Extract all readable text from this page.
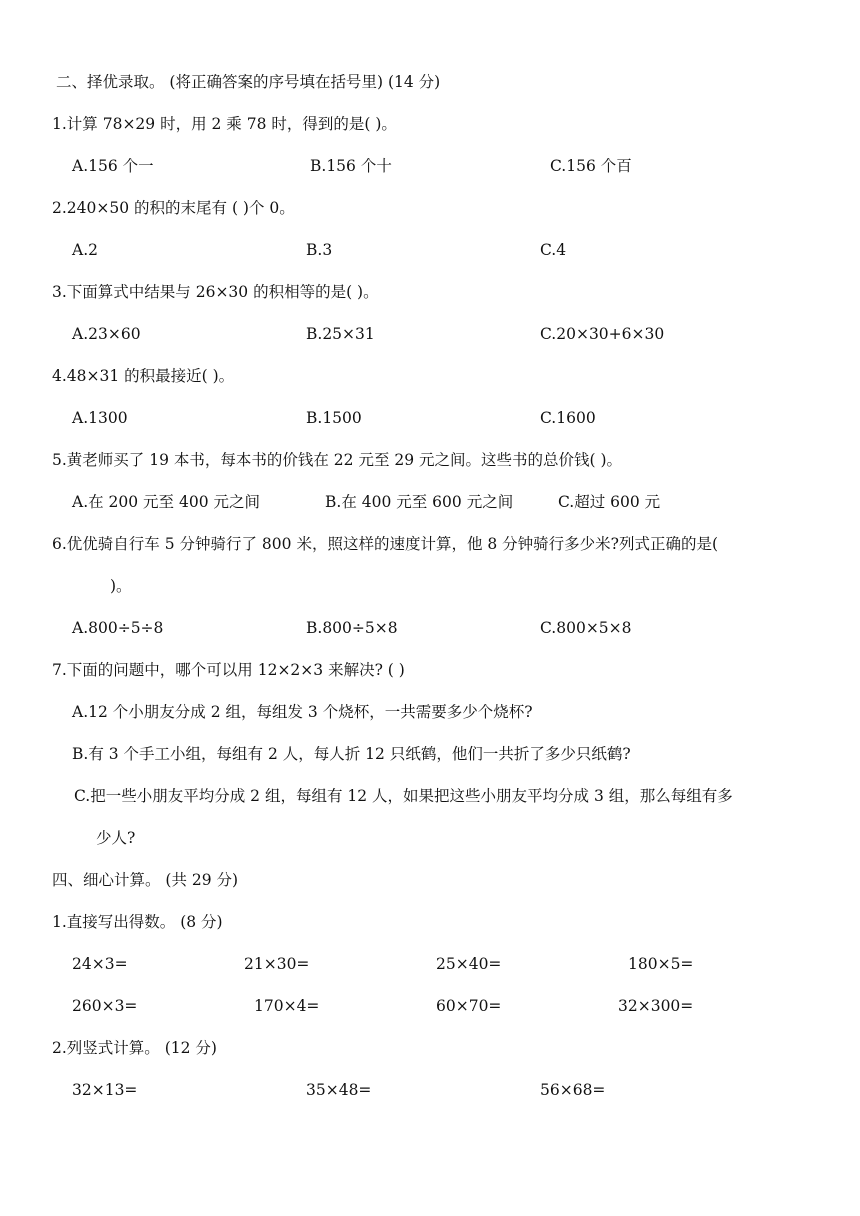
二、择优录取。 (将正确答案的序号填在括号里) (14 分)
1.计算 78×29 时，用 2 乘 78 时，得到的是( )。
A.156 个一	B.156 个十	C.156 个百
2.240×50 的积的末尾有 ( )个 0。
A.2	B.3	C.4
3.下面算式中结果与 26×30 的积相等的是( )。
A.23×60	B.25×31	C.20×30+6×30
4.48×31 的积最接近( )。
A.1300	B.1500	C.1600
5.黄老师买了 19 本书，每本书的价钱在 22 元至 29 元之间。这些书的总价钱( )。
A.在 200 元至 400 元之间	B.在 400 元至 600 元之间	C.超过 600 元
6.优优骑自行车 5 分钟骑行了 800 米，照这样的速度计算，他 8 分钟骑行多少米?列式正确的是(
)。
A.800÷5÷8	B.800÷5×8	C.800×5×8
7.下面的问题中，哪个可以用 12×2×3 来解决? ( )
A.12 个小朋友分成 2 组，每组发 3 个烧杯，一共需要多少个烧杯?
B.有 3 个手工小组，每组有 2 人，每人折 12 只纸鹤，他们一共折了多少只纸鹤?
C.把一些小朋友平均分成 2 组，每组有 12 人，如果把这些小朋友平均分成 3 组，那么每组有多
少人?
四、细心计算。 (共 29 分)
1.直接写出得数。 (8 分)
24×3=	21×30=	25×40=	180×5=
260×3=	170×4=	60×70=	32×300=
2.列竖式计算。 (12 分)
32×13=	35×48=	56×68=
